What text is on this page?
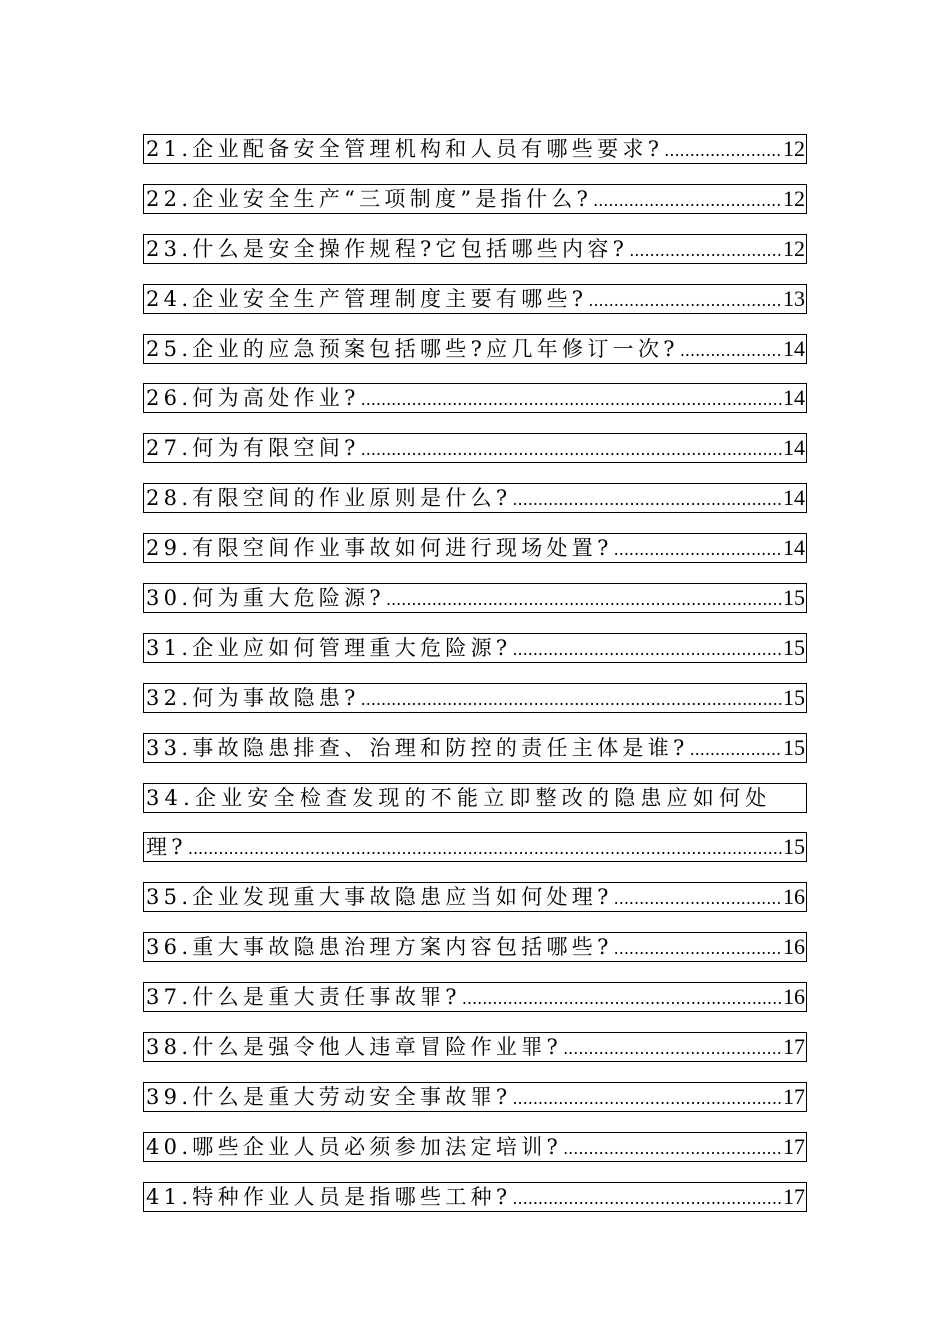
21.企业配备安全管理机构和人员有哪些要求? .....	12
22.企业安全生产“三项制度”是指什么? .....	12
23.什么是安全操作规程?它包括哪些内容? .....	12
24.企业安全生产管理制度主要有哪些? .....	13
25.企业的应急预案包括哪些?应几年修订一次? .....	14
26.何为高处作业? .....	14
27.何为有限空间? .....	14
28.有限空间的作业原则是什么? .....	14
29.有限空间作业事故如何进行现场处置? .....	14
30.何为重大危险源? .....	15
31.企业应如何管理重大危险源? .....	15
32.何为事故隐患? .....	15
33.事故隐患排查、治理和防控的责任主体是谁? .....	15
34.企业安全检查发现的不能立即整改的隐患应如何处
理? .....	15
35.企业发现重大事故隐患应当如何处理? .....	16
36.重大事故隐患治理方案内容包括哪些? .....	16
37.什么是重大责任事故罪? .....	16
38.什么是强令他人违章冒险作业罪? .....	17
39.什么是重大劳动安全事故罪? .....	17
40.哪些企业人员必须参加法定培训? .....	17
41.特种作业人员是指哪些工种? .....	17
